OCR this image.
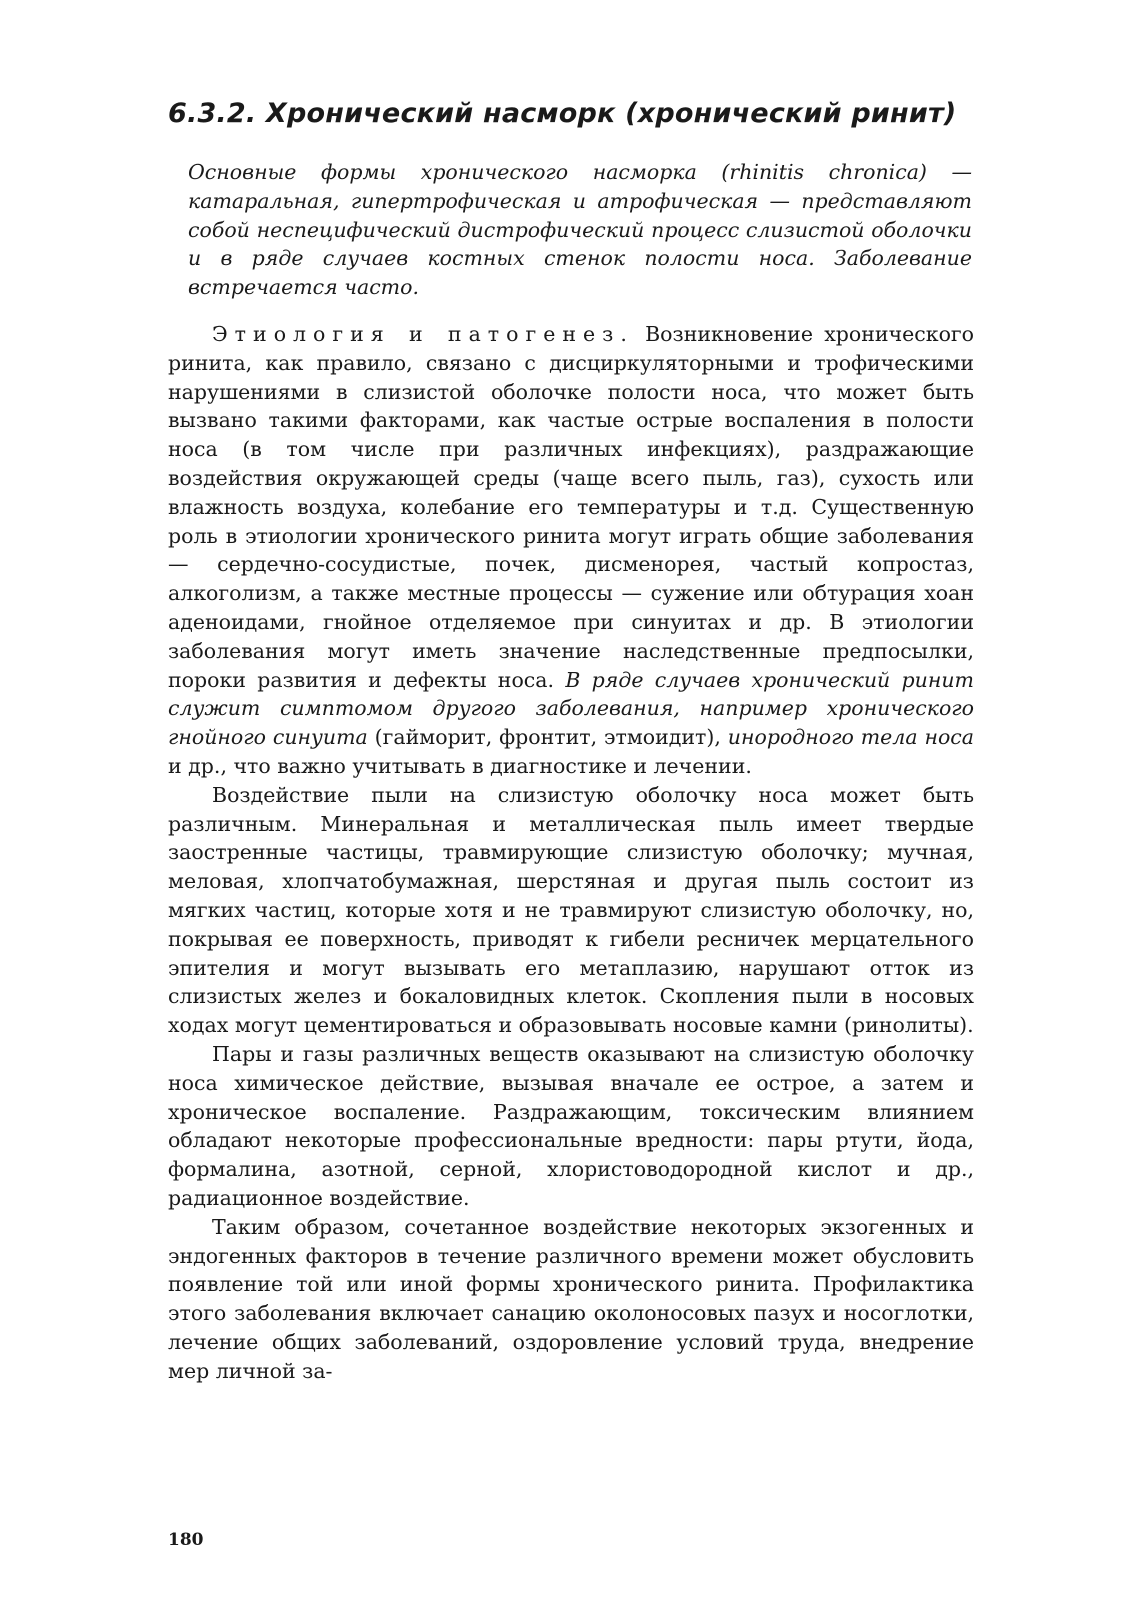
6.3.2. Хронический насморк (хронический ринит)

Основные формы хронического насморка (rhinitis chronica) — катаральная, гипертрофическая и атрофическая — представляют собой неспецифический дистрофический процесс слизистой оболочки и в ряде случаев костных стенок полости носа. Заболевание встречается часто.

Этиология и патогенез. Возникновение хронического ринита, как правило, связано с дисциркуляторными и трофическими нарушениями в слизистой оболочке полости носа, что может быть вызвано такими факторами, как частые острые воспаления в полости носа (в том числе при различных инфекциях), раздражающие воздействия окружающей среды (чаще всего пыль, газ), сухость или влажность воздуха, колебание его температуры и т.д. Существенную роль в этиологии хронического ринита могут играть общие заболевания — сердечно-сосудистые, почек, дисменорея, частый копростаз, алкоголизм, а также местные процессы — сужение или обтурация хоан аденоидами, гнойное отделяемое при синуитах и др. В этиологии заболевания могут иметь значение наследственные предпосылки, пороки развития и дефекты носа. В ряде случаев хронический ринит служит симптомом другого заболевания, например хронического гнойного синуита (гайморит, фронтит, этмоидит), инородного тела носа и др., что важно учитывать в диагностике и лечении.

Воздействие пыли на слизистую оболочку носа может быть различным. Минеральная и металлическая пыль имеет твердые заостренные частицы, травмирующие слизистую оболочку; мучная, меловая, хлопчатобумажная, шерстяная и другая пыль состоит из мягких частиц, которые хотя и не травмируют слизистую оболочку, но, покрывая ее поверхность, приводят к гибели ресничек мерцательного эпителия и могут вызывать его метаплазию, нарушают отток из слизистых желез и бокаловидных клеток. Скопления пыли в носовых ходах могут цементироваться и образовывать носовые камни (ринолиты).

Пары и газы различных веществ оказывают на слизистую оболочку носа химическое действие, вызывая вначале ее острое, а затем и хроническое воспаление. Раздражающим, токсическим влиянием обладают некоторые профессиональные вредности: пары ртути, йода, формалина, азотной, серной, хлористоводородной кислот и др., радиационное воздействие.

Таким образом, сочетанное воздействие некоторых экзогенных и эндогенных факторов в течение различного времени может обусловить появление той или иной формы хронического ринита. Профилактика этого заболевания включает санацию околоносовых пазух и носоглотки, лечение общих заболеваний, оздоровление условий труда, внедрение мер личной за-

180
